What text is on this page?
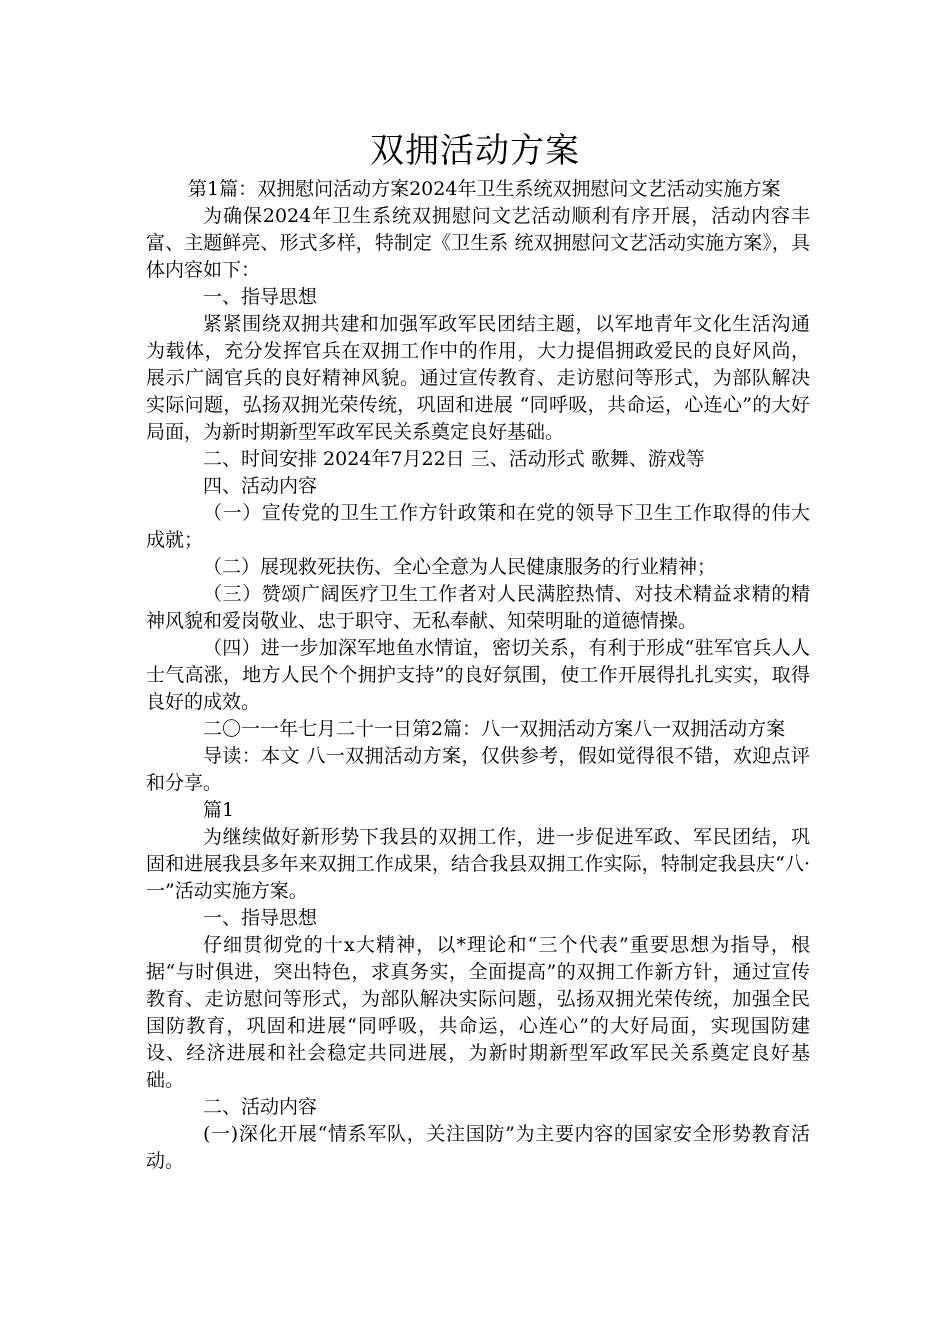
双拥活动方案

第1篇：双拥慰问活动方案2024年卫生系统双拥慰问文艺活动实施方案

为确保2024年卫生系统双拥慰问文艺活动顺利有序开展，活动内容丰富、主题鲜亮、形式多样，特制定《卫生系 统双拥慰问文艺活动实施方案》，具体内容如下：

一、指导思想

紧紧围绕双拥共建和加强军政军民团结主题，以军地青年文化生活沟通为载体，充分发挥官兵在双拥工作中的作用，大力提倡拥政爱民的良好风尚，展示广阔官兵的良好精神风貌。通过宣传教育、走访慰问等形式，为部队解决实际问题，弘扬双拥光荣传统，巩固和进展 “同呼吸，共命运，心连心”的大好局面，为新时期新型军政军民关系奠定良好基础。

二、时间安排 2024年7月22日 三、活动形式 歌舞、游戏等

四、活动内容

（一）宣传党的卫生工作方针政策和在党的领导下卫生工作取得的伟大成就；

（二）展现救死扶伤、全心全意为人民健康服务的行业精神；

（三）赞颂广阔医疗卫生工作者对人民满腔热情、对技术精益求精的精神风貌和爱岗敬业、忠于职守、无私奉献、知荣明耻的道德情操。

（四）进一步加深军地鱼水情谊，密切关系，有利于形成“驻军官兵人人士气高涨，地方人民个个拥护支持”的良好氛围，使工作开展得扎扎实实，取得良好的成效。

二〇一一年七月二十一日第2篇：八一双拥活动方案八一双拥活动方案

导读：本文 八一双拥活动方案，仅供参考，假如觉得很不错，欢迎点评和分享。

篇1

为继续做好新形势下我县的双拥工作，进一步促进军政、军民团结，巩固和进展我县多年来双拥工作成果，结合我县双拥工作实际，特制定我县庆“八·一”活动实施方案。

一、指导思想

仔细贯彻党的十x大精神，以*理论和“三个代表”重要思想为指导，根据“与时俱进，突出特色，求真务实，全面提高”的双拥工作新方针，通过宣传教育、走访慰问等形式，为部队解决实际问题，弘扬双拥光荣传统，加强全民国防教育，巩固和进展“同呼吸，共命运，心连心”的大好局面，实现国防建设、经济进展和社会稳定共同进展，为新时期新型军政军民关系奠定良好基础。

二、活动内容

(一)深化开展“情系军队，关注国防”为主要内容的国家安全形势教育活动。
